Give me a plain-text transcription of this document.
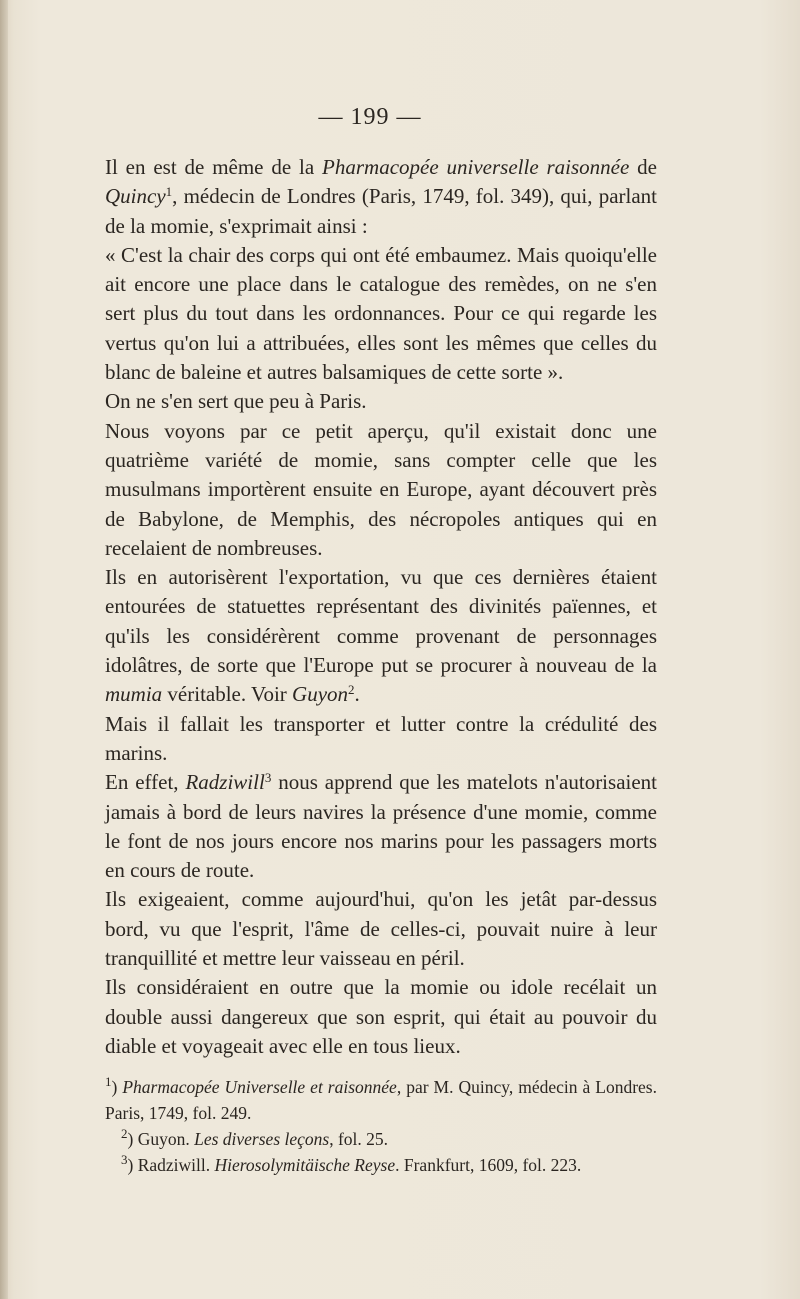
— 199 —

Il en est de même de la Pharmacopée universelle raisonnée de Quincy$^1$, médecin de Londres (Paris, 1749, fol. 349), qui, parlant de la momie, s'exprimait ainsi :

« C'est la chair des corps qui ont été embaumez. Mais quoiqu'elle ait encore une place dans le catalogue des remèdes, on ne s'en sert plus du tout dans les ordonnances. Pour ce qui regarde les vertus qu'on lui a attribuées, elles sont les mêmes que celles du blanc de baleine et autres balsamiques de cette sorte ».

On ne s'en sert que peu à Paris.

Nous voyons par ce petit aperçu, qu'il existait donc une quatrième variété de momie, sans compter celle que les musulmans importèrent ensuite en Europe, ayant découvert près de Babylone, de Memphis, des nécropoles antiques qui en recelaient de nombreuses.

Ils en autorisèrent l'exportation, vu que ces dernières étaient entourées de statuettes représentant des divinités païennes, et qu'ils les considérèrent comme provenant de personnages idolâtres, de sorte que l'Europe put se procurer à nouveau de la mumia véritable. Voir Guyon$^2$.

Mais il fallait les transporter et lutter contre la crédulité des marins.

En effet, Radziwill$^3$ nous apprend que les matelots n'autorisaient jamais à bord de leurs navires la présence d'une momie, comme le font de nos jours encore nos marins pour les passagers morts en cours de route.

Ils exigeaient, comme aujourd'hui, qu'on les jetât par-dessus bord, vu que l'esprit, l'âme de celles-ci, pouvait nuire à leur tranquillité et mettre leur vaisseau en péril.

Ils considéraient en outre que la momie ou idole recélait un double aussi dangereux que son esprit, qui était au pouvoir du diable et voyageait avec elle en tous lieux.

$^1$) Pharmacopée Universelle et raisonnée, par M. Quincy, médecin à Londres. Paris, 1749, fol. 249.

$^2$) Guyon. Les diverses leçons, fol. 25.

$^3$) Radziwill. Hierosolymitäische Reyse. Frankfurt, 1609, fol. 223.
